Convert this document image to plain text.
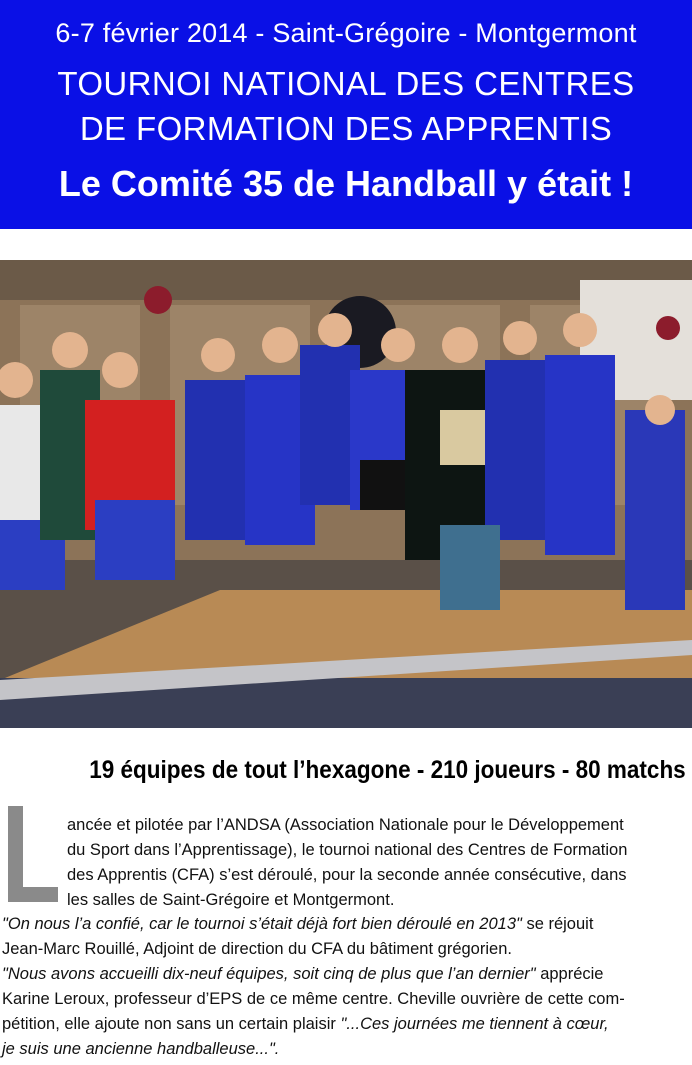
6-7 février 2014 - Saint-Grégoire - Montgermont
TOURNOI NATIONAL DES CENTRES
DE FORMATION DES APPRENTIS
Le Comité 35 de Handball y était !
19 équipes de tout l’hexagone - 210 joueurs - 80 matchs
ancée et pilotée par l’ANDSA (Association Nationale pour le Développement
du Sport dans l’Apprentissage), le tournoi national des Centres de Formation
des Apprentis (CFA) s’est déroulé, pour la seconde année consécutive, dans
les salles de Saint-Grégoire et Montgermont.
"On nous l’a confié, car le tournoi s’était déjà fort bien déroulé en 2013" se réjouit
Jean-Marc Rouillé, Adjoint de direction du CFA du bâtiment grégorien.
"Nous avons accueilli dix-neuf équipes, soit cinq de plus que l’an dernier" apprécie
Karine Leroux, professeur d’EPS de ce même centre. Cheville ouvrière de cette com-
pétition, elle ajoute non sans un certain plaisir "...Ces journées me tiennent à cœur,
je suis une ancienne handballeuse...".
